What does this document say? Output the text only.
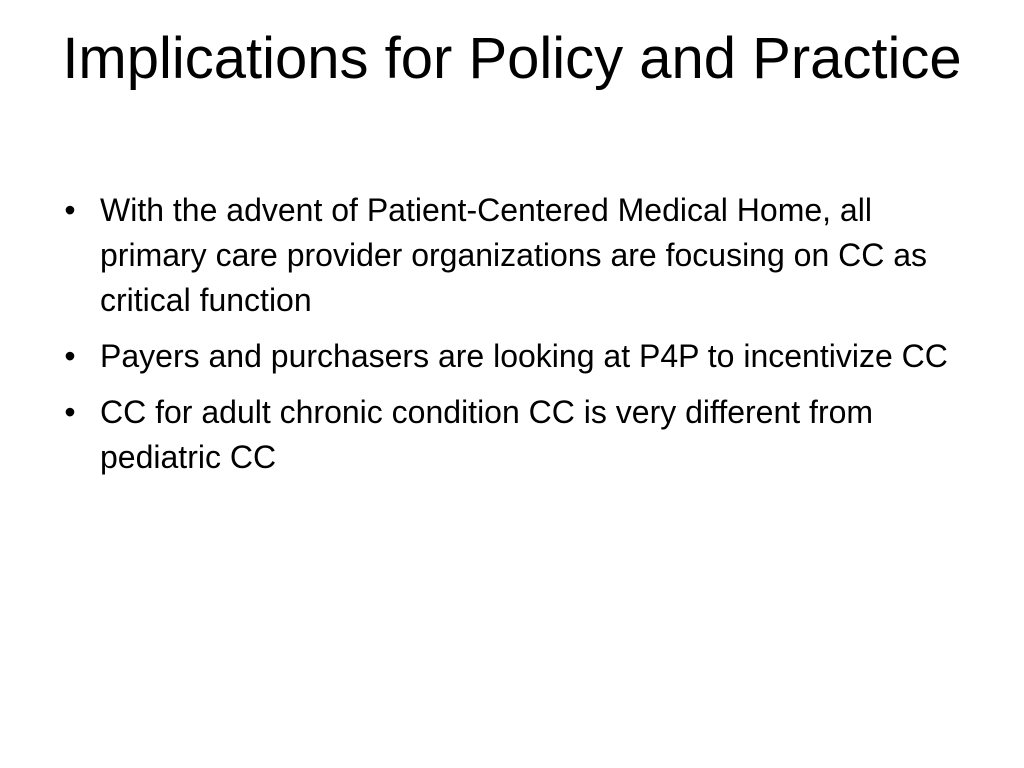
Implications for Policy and Practice
• With the advent of Patient-Centered Medical Home, all primary care provider organizations are focusing on CC as critical function
• Payers and purchasers are looking at P4P to incentivize CC
• CC for adult chronic condition CC is very different from pediatric CC
